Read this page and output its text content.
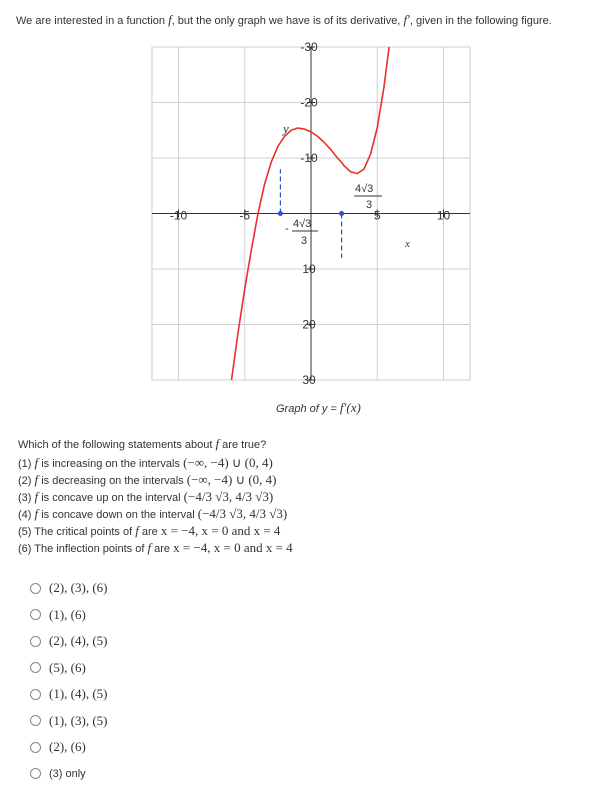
We are interested in a function f, but the only graph we have is of its derivative, f′, given in the following figure.
-10	-5	5	10
30
20
10
-10
-20
-30
y
x
Graph of y = f′(x)
- 4√3
3
4√3
3
Which of the following statements about f are true?
(1) f is increasing on the intervals (−∞, −4) ∪ (0, 4)
(2) f is decreasing on the intervals (−∞, −4) ∪ (0, 4)
(3) f is concave up on the interval (−4/3 √3, 4/3 √3)
(4) f is concave down on the interval (−4/3 √3, 4/3 √3)
(5) The critical points of f are x = −4, x = 0 and x = 4
(6) The inflection points of f are x = −4, x = 0 and x = 4
(2), (3), (6)
(1), (6)
(2), (4), (5)
(5), (6)
(1), (4), (5)
(1), (3), (5)
(2), (6)
(3) only
